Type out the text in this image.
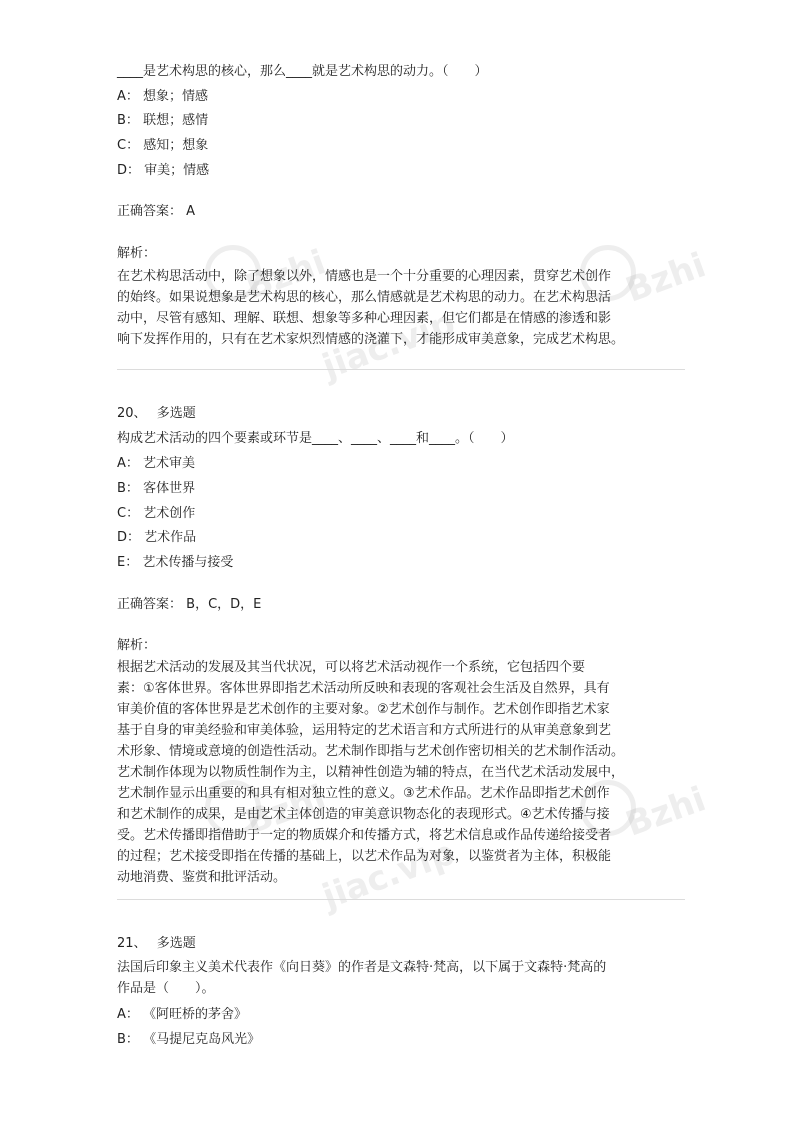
Bzhi
jiac.vip
Bzhi
Bzhi
jiac.vip
Bzhi
____是艺术构思的核心，那么____就是艺术构思的动力。（　　）
A： 想象；情感
B： 联想；感情
C： 感知；想象
D： 审美；情感
正确答案： A
解析：
在艺术构思活动中，除了想象以外，情感也是一个十分重要的心理因素，贯穿艺术创作
的始终。如果说想象是艺术构思的核心，那么情感就是艺术构思的动力。在艺术构思活
动中，尽管有感知、理解、联想、想象等多种心理因素，但它们都是在情感的渗透和影
响下发挥作用的，只有在艺术家炽烈情感的浇灌下，才能形成审美意象，完成艺术构思。
20、 多选题
构成艺术活动的四个要素或环节是____、____、____和____。（　　）
A： 艺术审美
B： 客体世界
C： 艺术创作
D： 艺术作品
E： 艺术传播与接受
正确答案： B，C，D，E
解析：
根据艺术活动的发展及其当代状况，可以将艺术活动视作一个系统，它包括四个要
素：①客体世界。客体世界即指艺术活动所反映和表现的客观社会生活及自然界，具有
审美价值的客体世界是艺术创作的主要对象。②艺术创作与制作。艺术创作即指艺术家
基于自身的审美经验和审美体验，运用特定的艺术语言和方式所进行的从审美意象到艺
术形象、情境或意境的创造性活动。艺术制作即指与艺术创作密切相关的艺术制作活动。
艺术制作体现为以物质性制作为主，以精神性创造为辅的特点，在当代艺术活动发展中，
艺术制作显示出重要的和具有相对独立性的意义。③艺术作品。艺术作品即指艺术创作
和艺术制作的成果，是由艺术主体创造的审美意识物态化的表现形式。④艺术传播与接
受。艺术传播即指借助于一定的物质媒介和传播方式，将艺术信息或作品传递给接受者
的过程；艺术接受即指在传播的基础上，以艺术作品为对象，以鉴赏者为主体，积极能
动地消费、鉴赏和批评活动。
21、 多选题
法国后印象主义美术代表作《向日葵》的作者是文森特·梵高，以下属于文森特·梵高的
作品是（　　）。
A： 《阿旺桥的茅舍》
B： 《马提尼克岛风光》
